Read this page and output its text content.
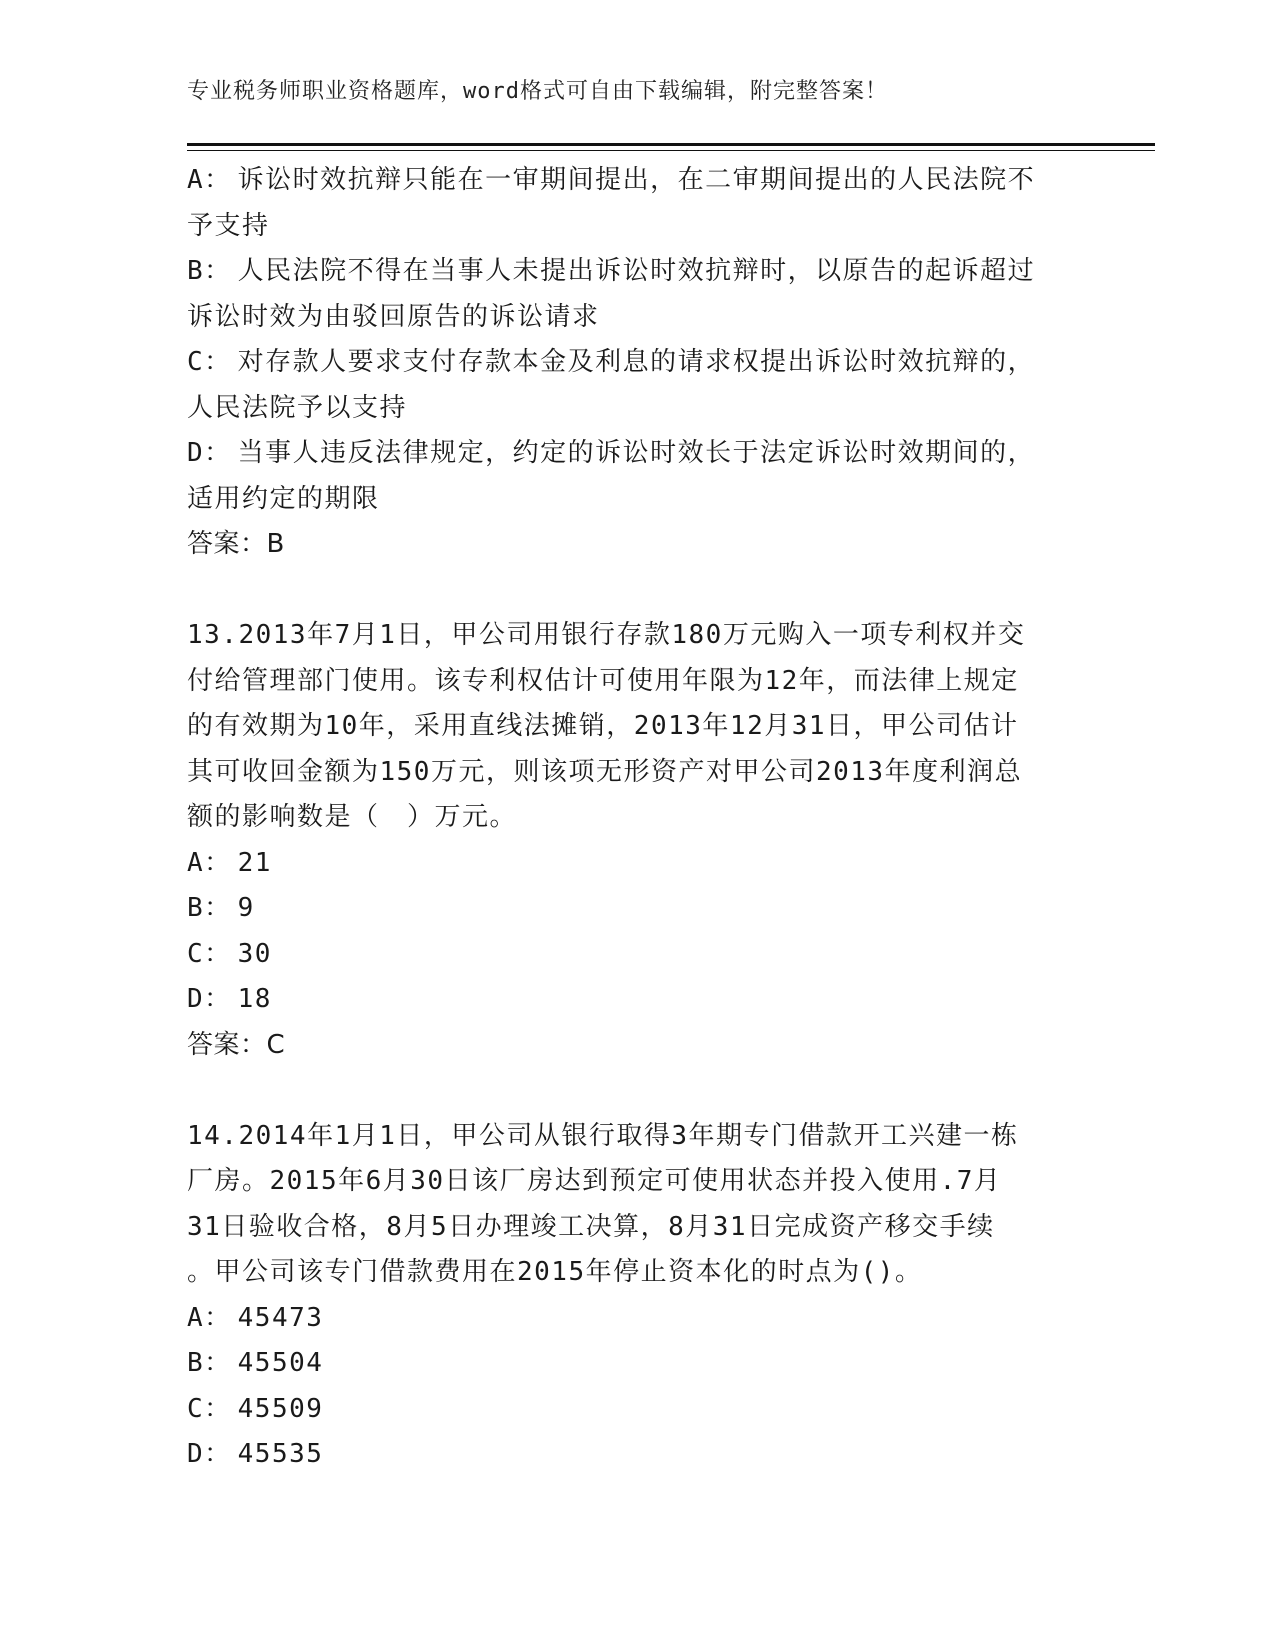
专业税务师职业资格题库，word格式可自由下载编辑，附完整答案！
A： 诉讼时效抗辩只能在一审期间提出，在二审期间提出的人民法院不
予支持
B： 人民法院不得在当事人未提出诉讼时效抗辩时，以原告的起诉超过
诉讼时效为由驳回原告的诉讼请求
C： 对存款人要求支付存款本金及利息的请求权提出诉讼时效抗辩的，
人民法院予以支持
D： 当事人违反法律规定，约定的诉讼时效长于法定诉讼时效期间的，
适用约定的期限
答案：B
13.2013年7月1日，甲公司用银行存款180万元购入一项专利权并交
付给管理部门使用。该专利权估计可使用年限为12年，而法律上规定
的有效期为10年，采用直线法摊销，2013年12月31日，甲公司估计
其可收回金额为150万元，则该项无形资产对甲公司2013年度利润总
额的影响数是（　）万元。
A： 21
B： 9
C： 30
D： 18
答案：C
14.2014年1月1日，甲公司从银行取得3年期专门借款开工兴建一栋
厂房。2015年6月30日该厂房达到预定可使用状态并投入使用.7月
31日验收合格，8月5日办理竣工决算，8月31日完成资产移交手续
。甲公司该专门借款费用在2015年停止资本化的时点为()。
A： 45473
B： 45504
C： 45509
D： 45535
